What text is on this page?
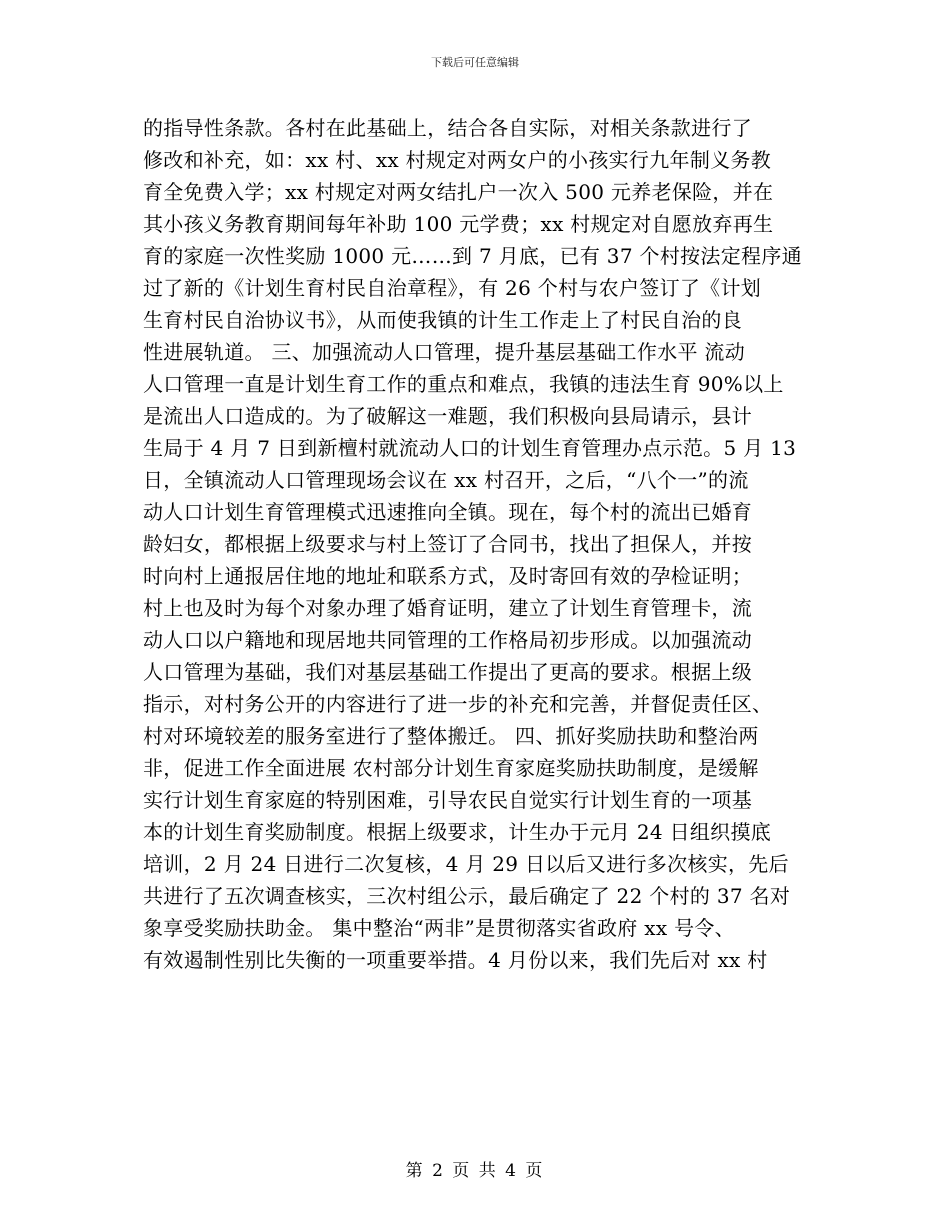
下载后可任意编辑
的指导性条款。各村在此基础上，结合各自实际，对相关条款进行了
修改和补充，如：xx 村、xx 村规定对两女户的小孩实行九年制义务教
育全免费入学；xx 村规定对两女结扎户一次入 500 元养老保险，并在
其小孩义务教育期间每年补助 100 元学费；xx 村规定对自愿放弃再生
育的家庭一次性奖励 1000 元……到 7 月底，已有 37 个村按法定程序通
过了新的《计划生育村民自治章程》，有 26 个村与农户签订了《计划
生育村民自治协议书》，从而使我镇的计生工作走上了村民自治的良
性进展轨道。 三、加强流动人口管理，提升基层基础工作水平 流动
人口管理一直是计划生育工作的重点和难点，我镇的违法生育 90%以上
是流出人口造成的。为了破解这一难题，我们积极向县局请示，县计
生局于 4 月 7 日到新檀村就流动人口的计划生育管理办点示范。5 月 13
日，全镇流动人口管理现场会议在 xx 村召开，之后，“八个一”的流
动人口计划生育管理模式迅速推向全镇。现在，每个村的流出已婚育
龄妇女，都根据上级要求与村上签订了合同书，找出了担保人，并按
时向村上通报居住地的地址和联系方式，及时寄回有效的孕检证明；
村上也及时为每个对象办理了婚育证明，建立了计划生育管理卡，流
动人口以户籍地和现居地共同管理的工作格局初步形成。以加强流动
人口管理为基础，我们对基层基础工作提出了更高的要求。根据上级
指示，对村务公开的内容进行了进一步的补充和完善，并督促责任区、
村对环境较差的服务室进行了整体搬迁。 四、抓好奖励扶助和整治两
非，促进工作全面进展 农村部分计划生育家庭奖励扶助制度，是缓解
实行计划生育家庭的特别困难，引导农民自觉实行计划生育的一项基
本的计划生育奖励制度。根据上级要求，计生办于元月 24 日组织摸底
培训，2 月 24 日进行二次复核，4 月 29 日以后又进行多次核实，先后
共进行了五次调查核实，三次村组公示，最后确定了 22 个村的 37 名对
象享受奖励扶助金。 集中整治“两非”是贯彻落实省政府 xx 号令、
有效遏制性别比失衡的一项重要举措。4 月份以来，我们先后对 xx 村
第 2 页 共 4 页
